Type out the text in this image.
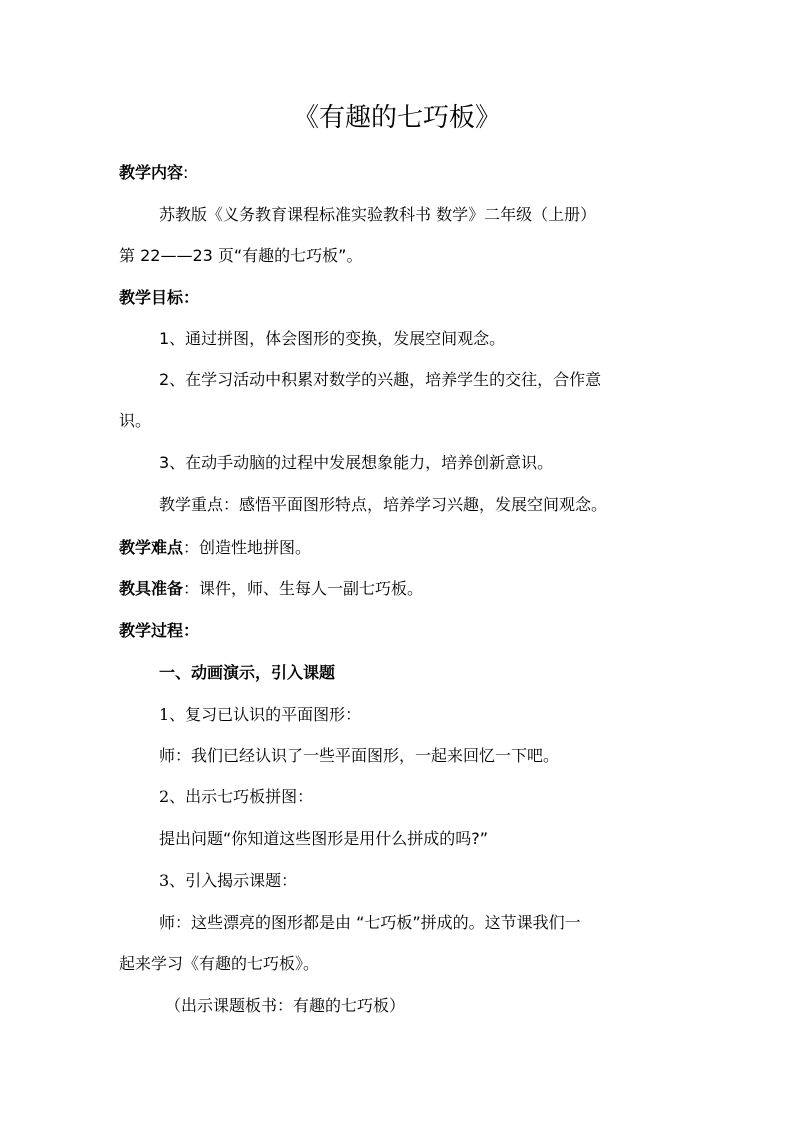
《有趣的七巧板》
教学内容:
苏教版《义务教育课程标准实验教科书 数学》二年级（上册）
第 22——23 页“有趣的七巧板”。
教学目标：
1、通过拼图，体会图形的变换，发展空间观念。
2、在学习活动中积累对数学的兴趣，培养学生的交往，合作意
识。
3、在动手动脑的过程中发展想象能力，培养创新意识。
教学重点：感悟平面图形特点，培养学习兴趣，发展空间观念。
教学难点：创造性地拼图。
教具准备：课件，师、生每人一副七巧板。
教学过程：
一、动画演示，引入课题
1、复习已认识的平面图形：
师：我们已经认识了一些平面图形，一起来回忆一下吧。
2、出示七巧板拼图：
提出问题“你知道这些图形是用什么拼成的吗?”
3、引入揭示课题：
师：这些漂亮的图形都是由 “七巧板”拼成的。这节课我们一
起来学习《有趣的七巧板》。
（出示课题板书：有趣的七巧板）
